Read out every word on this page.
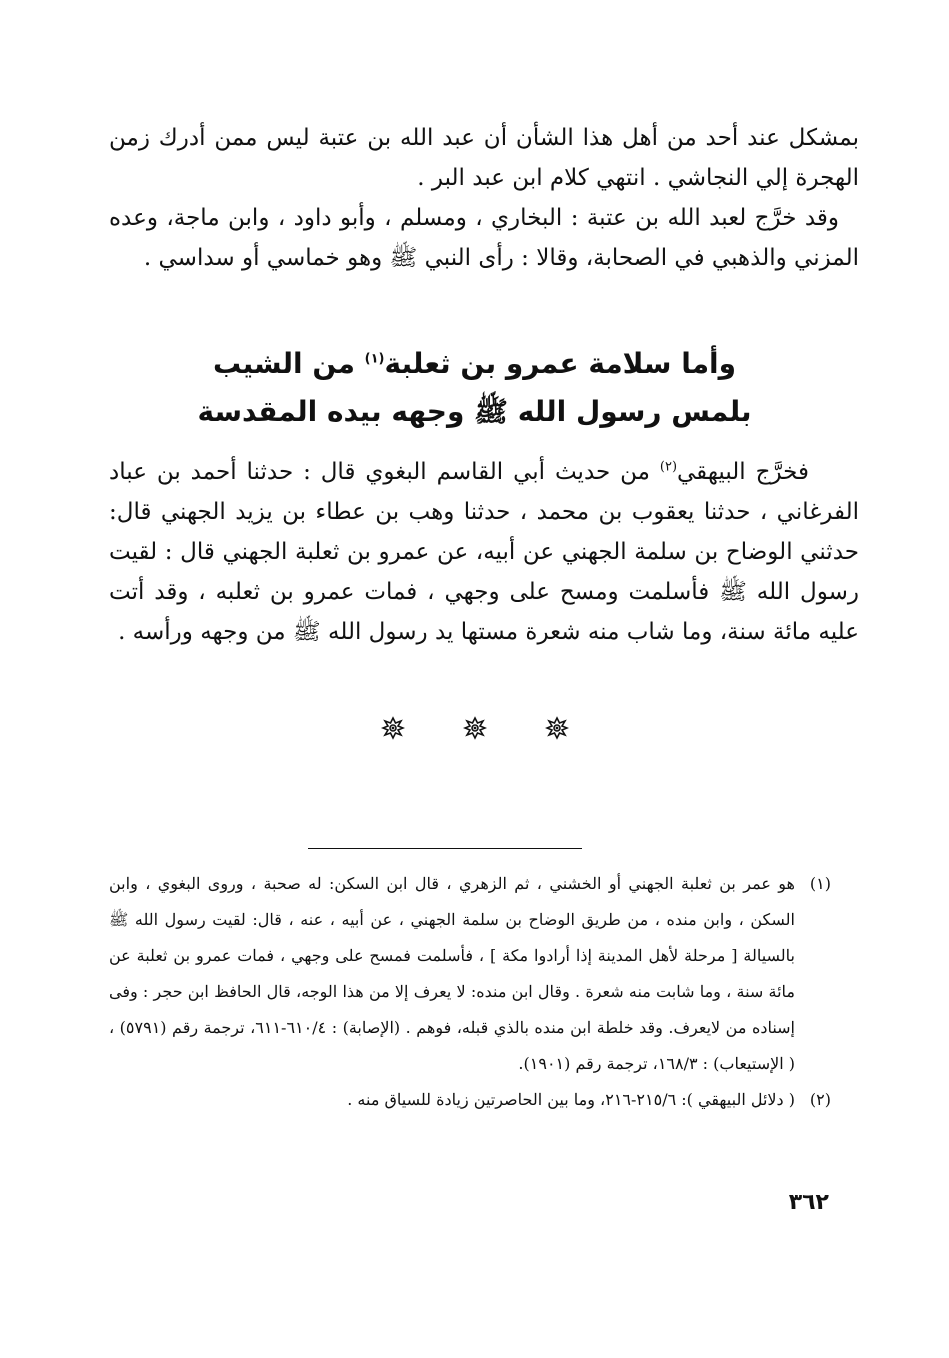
بمشكل عند أحد من أهل هذا الشأن أن عبد الله بن عتبة ليس ممن أدرك زمن الهجرة إلي النجاشي . انتهي كلام ابن عبد البر .

وقد خرَّج لعبد الله بن عتبة : البخاري ، ومسلم ، وأبو داود ، وابن ماجة، وعده المزني والذهبي في الصحابة، وقالا : رأى النبي ﷺ وهو خماسي أو سداسي .

وأما سلامة عمرو بن ثعلبة$^{(١)}$ من الشيب
بلمس رسول الله ﷺ وجهه بيده المقدسة

فخرَّج البيهقي$^{(٢)}$ من حديث أبي القاسم البغوي قال : حدثنا أحمد بن عباد الفرغاني ، حدثنا يعقوب بن محمد ، حدثنا وهب بن عطاء بن يزيد الجهني قال: حدثني الوضاح بن سلمة الجهني عن أبيه، عن عمرو بن ثعلبة الجهني قال : لقيت رسول الله ﷺ فأسلمت ومسح على وجهي ، فمات عمرو بن ثعلبه ، وقد أتت عليه مائة سنة، وما شاب منه شعرة مستها يد رسول الله ﷺ من وجهه ورأسه .

(١)
هو عمر بن ثعلبة الجهني أو الخشني ، ثم الزهري ، قال ابن السكن: له صحبة ، وروى البغوي ، وابن السكن ، وابن منده ، من طريق الوضاح بن سلمة الجهني ، عن أبيه ، عنه ، قال: لقيت رسول الله ﷺ بالسيالة [ مرحلة لأهل المدينة إذا أرادوا مكة ] ، فأسلمت فمسح على وجهي ، فمات عمرو بن ثعلبة عن مائة سنة ، وما شابت منه شعرة . وقال ابن منده: لا يعرف إلا من هذا الوجه، قال الحافظ ابن حجر : وفى إسناده من لايعرف. وقد خلطة ابن منده بالذي قبله، فوهم . (الإصابة) : ٦١٠/٤-٦١١، ترجمة رقم (٥٧٩١) ، ( الإستيعاب) : ١٦٨/٣، ترجمة رقم (١٩٠١).

(٢)
( دلائل البيهقي ): ٢١٥/٦-٢١٦، وما بين الحاصرتين زيادة للسياق منه .

٣٦٢
